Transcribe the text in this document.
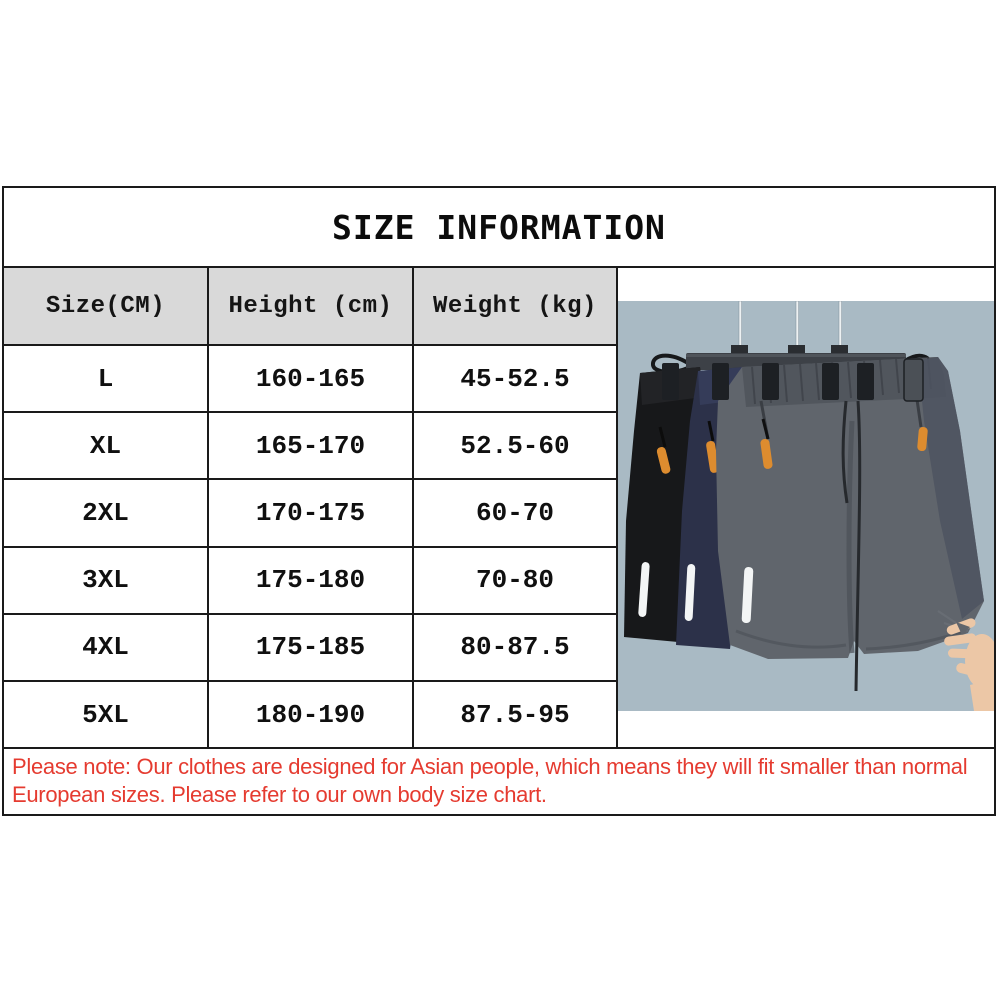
SIZE INFORMATION
Size(CM)	Height (cm)	Weight (kg)
L	160-165	45-52.5
XL	165-170	52.5-60
2XL	170-175	60-70
3XL	175-180	70-80
4XL	175-185	80-87.5
5XL	180-190	87.5-95
Please note: Our clothes are designed for Asian people, which means they will fit smaller than normal European sizes. Please refer to our own body size chart.
